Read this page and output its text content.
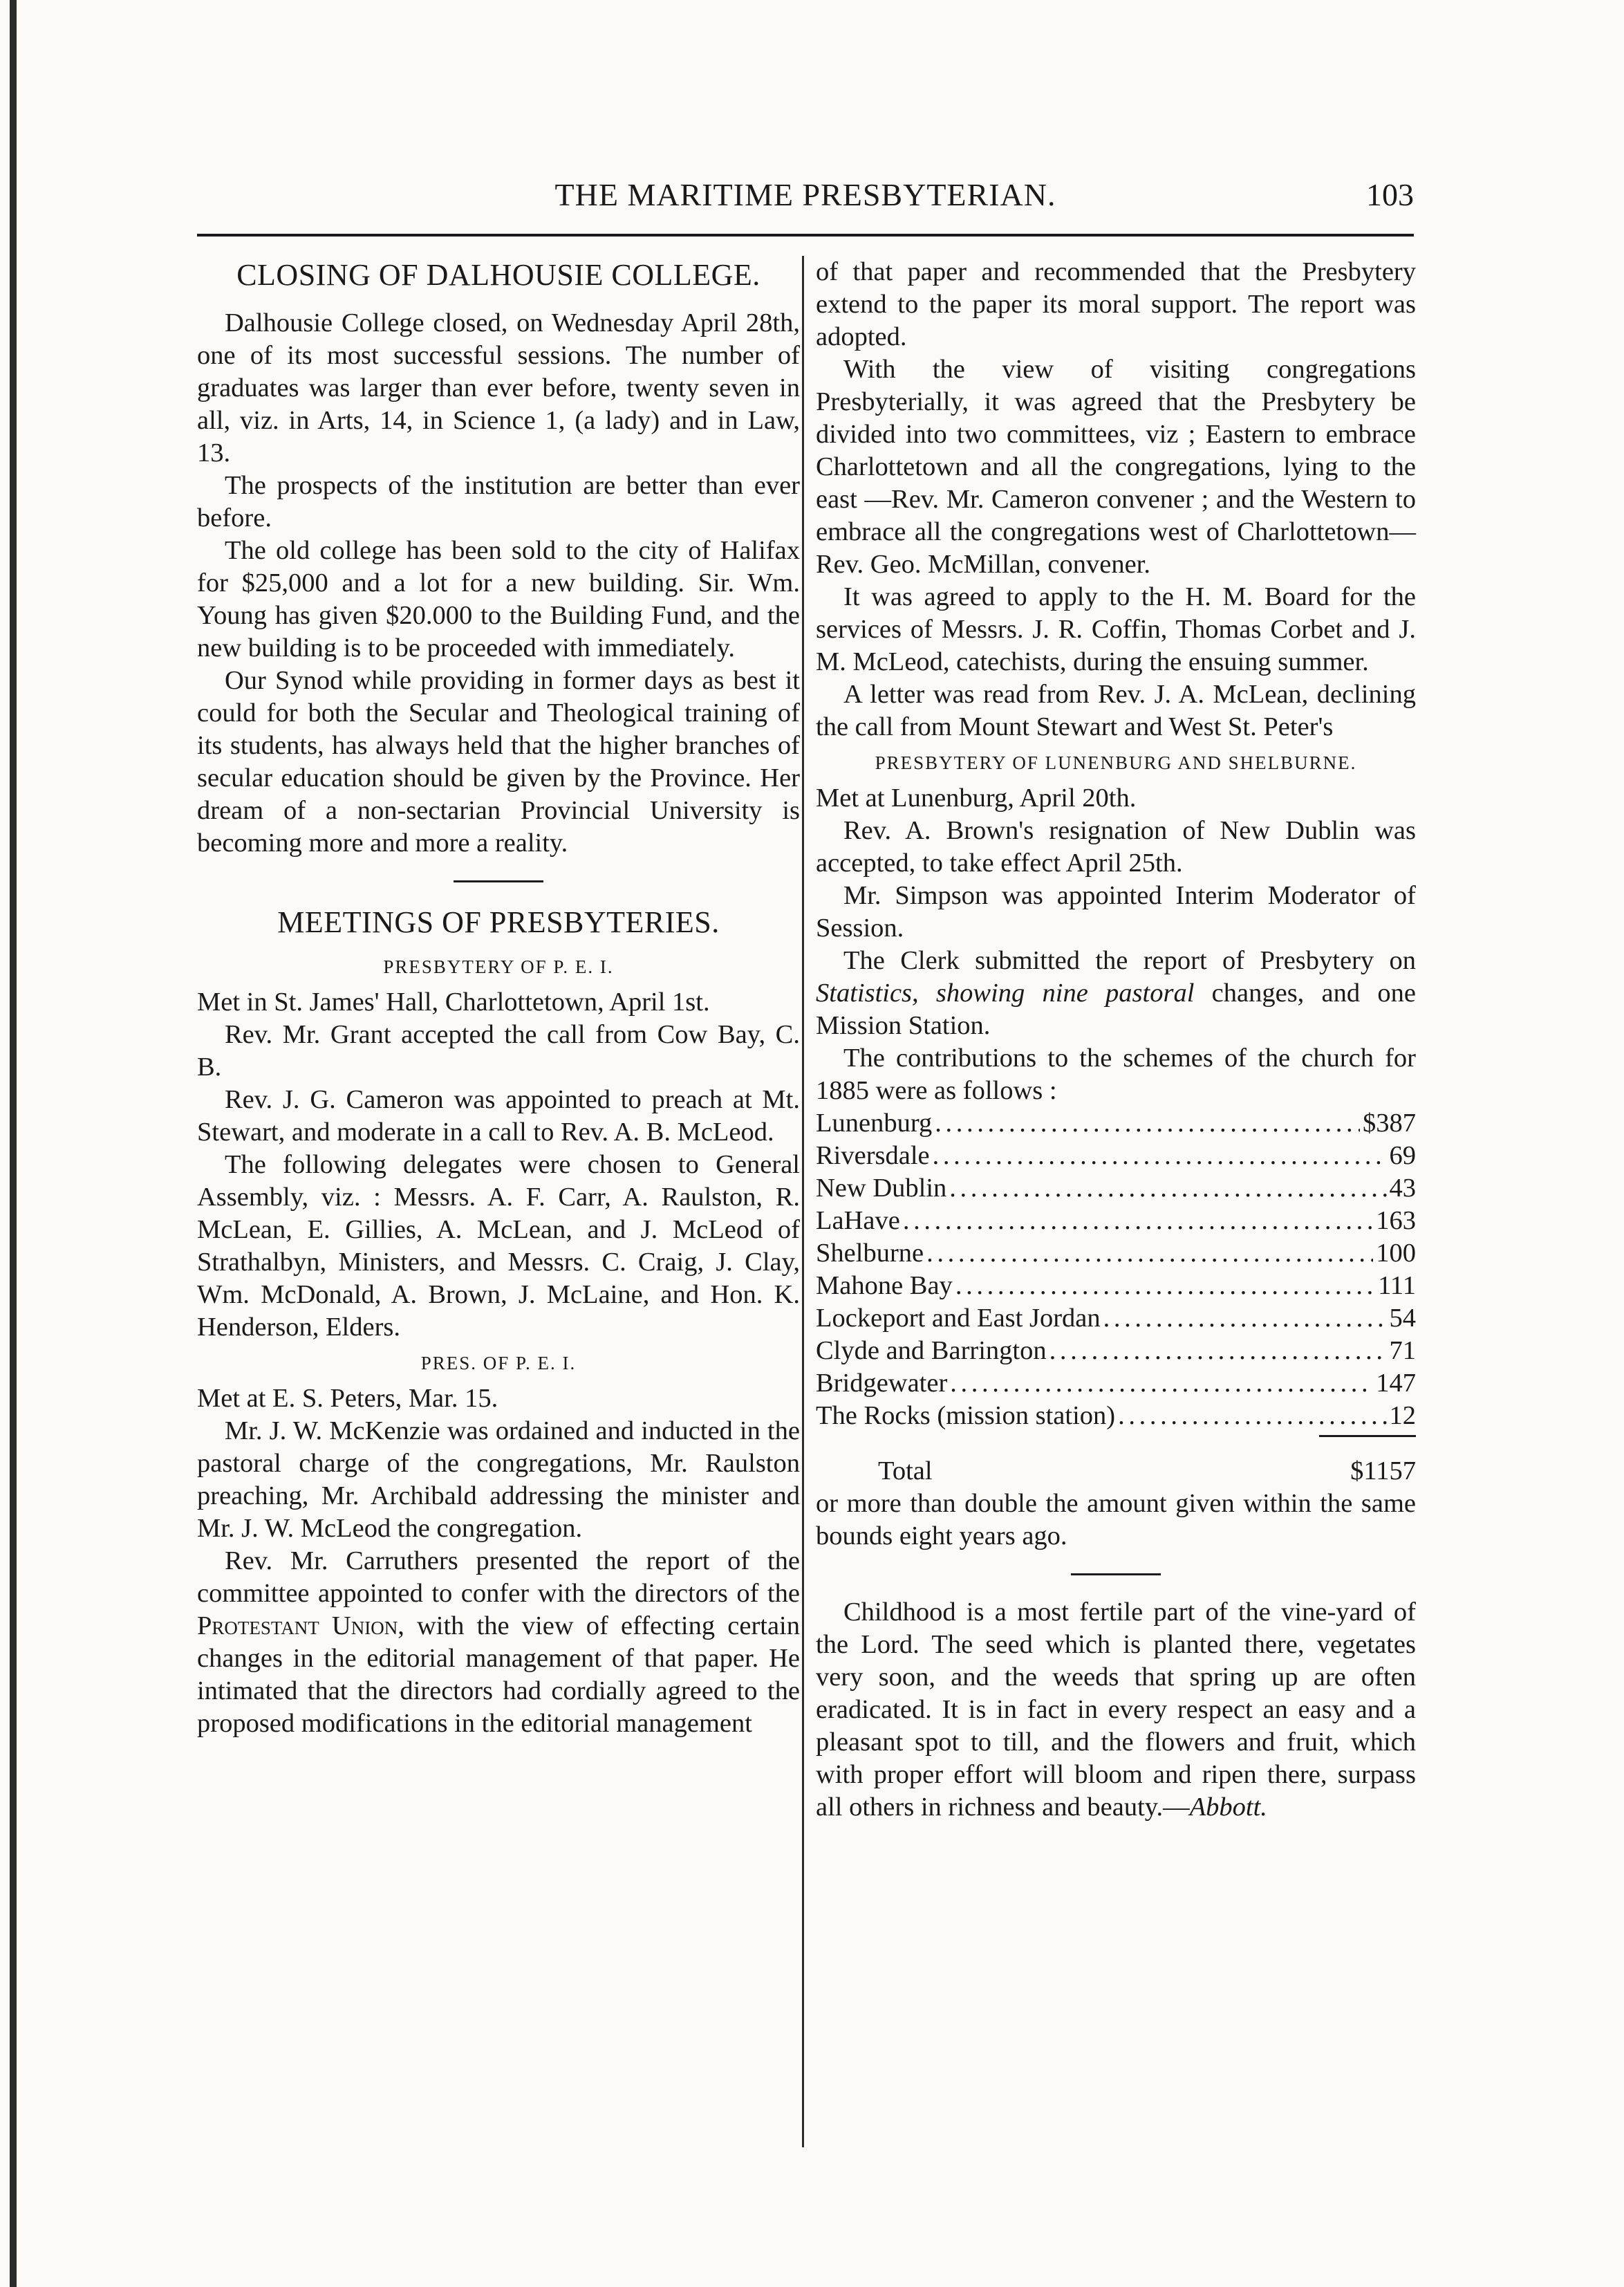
THE MARITIME PRESBYTERIAN.	103
CLOSING OF DALHOUSIE COLLEGE.

Dalhousie College closed, on Wednesday April 28th, one of its most successful sessions. The number of graduates was larger than ever before, twenty seven in all, viz. in Arts, 14, in Science 1, (a lady) and in Law, 13.

The prospects of the institution are better than ever before.

The old college has been sold to the city of Halifax for $25,000 and a lot for a new building. Sir. Wm. Young has given $20.000 to the Building Fund, and the new building is to be proceeded with immediately.

Our Synod while providing in former days as best it could for both the Secular and Theological training of its students, has always held that the higher branches of secular education should be given by the Province. Her dream of a non-sectarian Provincial University is becoming more and more a reality.

MEETINGS OF PRESBYTERIES.
PRESBYTERY OF P. E. I.

Met in St. James' Hall, Charlottetown, April 1st.

Rev. Mr. Grant accepted the call from Cow Bay, C. B.

Rev. J. G. Cameron was appointed to preach at Mt. Stewart, and moderate in a call to Rev. A. B. McLeod.

The following delegates were chosen to General Assembly, viz. : Messrs. A. F. Carr, A. Raulston, R. McLean, E. Gillies, A. McLean, and J. McLeod of Strathalbyn, Ministers, and Messrs. C. Craig, J. Clay, Wm. McDonald, A. Brown, J. McLaine, and Hon. K. Henderson, Elders.

PRES. OF P. E. I.

Met at E. S. Peters, Mar. 15.

Mr. J. W. McKenzie was ordained and inducted in the pastoral charge of the congregations, Mr. Raulston preaching, Mr. Archibald addressing the minister and Mr. J. W. McLeod the congregation.

Rev. Mr. Carruthers presented the report of the committee appointed to confer with the directors of the Protestant Union, with the view of effecting certain changes in the editorial management of that paper. He intimated that the directors had cordially agreed to the proposed modifications in the editorial management

of that paper and recommended that the Presbytery extend to the paper its moral support. The report was adopted.

With the view of visiting congregations Presbyterially, it was agreed that the Presbytery be divided into two committees, viz ; Eastern to embrace Charlottetown and all the congregations, lying to the east —Rev. Mr. Cameron convener ; and the Western to embrace all the congregations west of Charlottetown—Rev. Geo. McMillan, convener.

It was agreed to apply to the H. M. Board for the services of Messrs. J. R. Coffin, Thomas Corbet and J. M. McLeod, catechists, during the ensuing summer.

A letter was read from Rev. J. A. McLean, declining the call from Mount Stewart and West St. Peter's

PRESBYTERY OF LUNENBURG AND SHELBURNE.

Met at Lunenburg, April 20th.

Rev. A. Brown's resignation of New Dublin was accepted, to take effect April 25th.

Mr. Simpson was appointed Interim Moderator of Session.

The Clerk submitted the report of Presbytery on Statistics, showing nine pastoral changes, and one Mission Station.

The contributions to the schemes of the church for 1885 were as follows :

Lunenburg . . .	$387
Riversdale . . .	69
New Dublin . . .	43
LaHave . . .	163
Shelburne . . .	100
Mahone Bay . . .	111
Lockeport and East Jordan . . .	54
Clyde and Barrington . . .	71
Bridgewater . . .	147
The Rocks (mission station) . . .	12
Total	$1157

or more than double the amount given within the same bounds eight years ago.

Childhood is a most fertile part of the vine-yard of the Lord. The seed which is planted there, vegetates very soon, and the weeds that spring up are often eradicated. It is in fact in every respect an easy and a pleasant spot to till, and the flowers and fruit, which with proper effort will bloom and ripen there, surpass all others in richness and beauty.—Abbott.
